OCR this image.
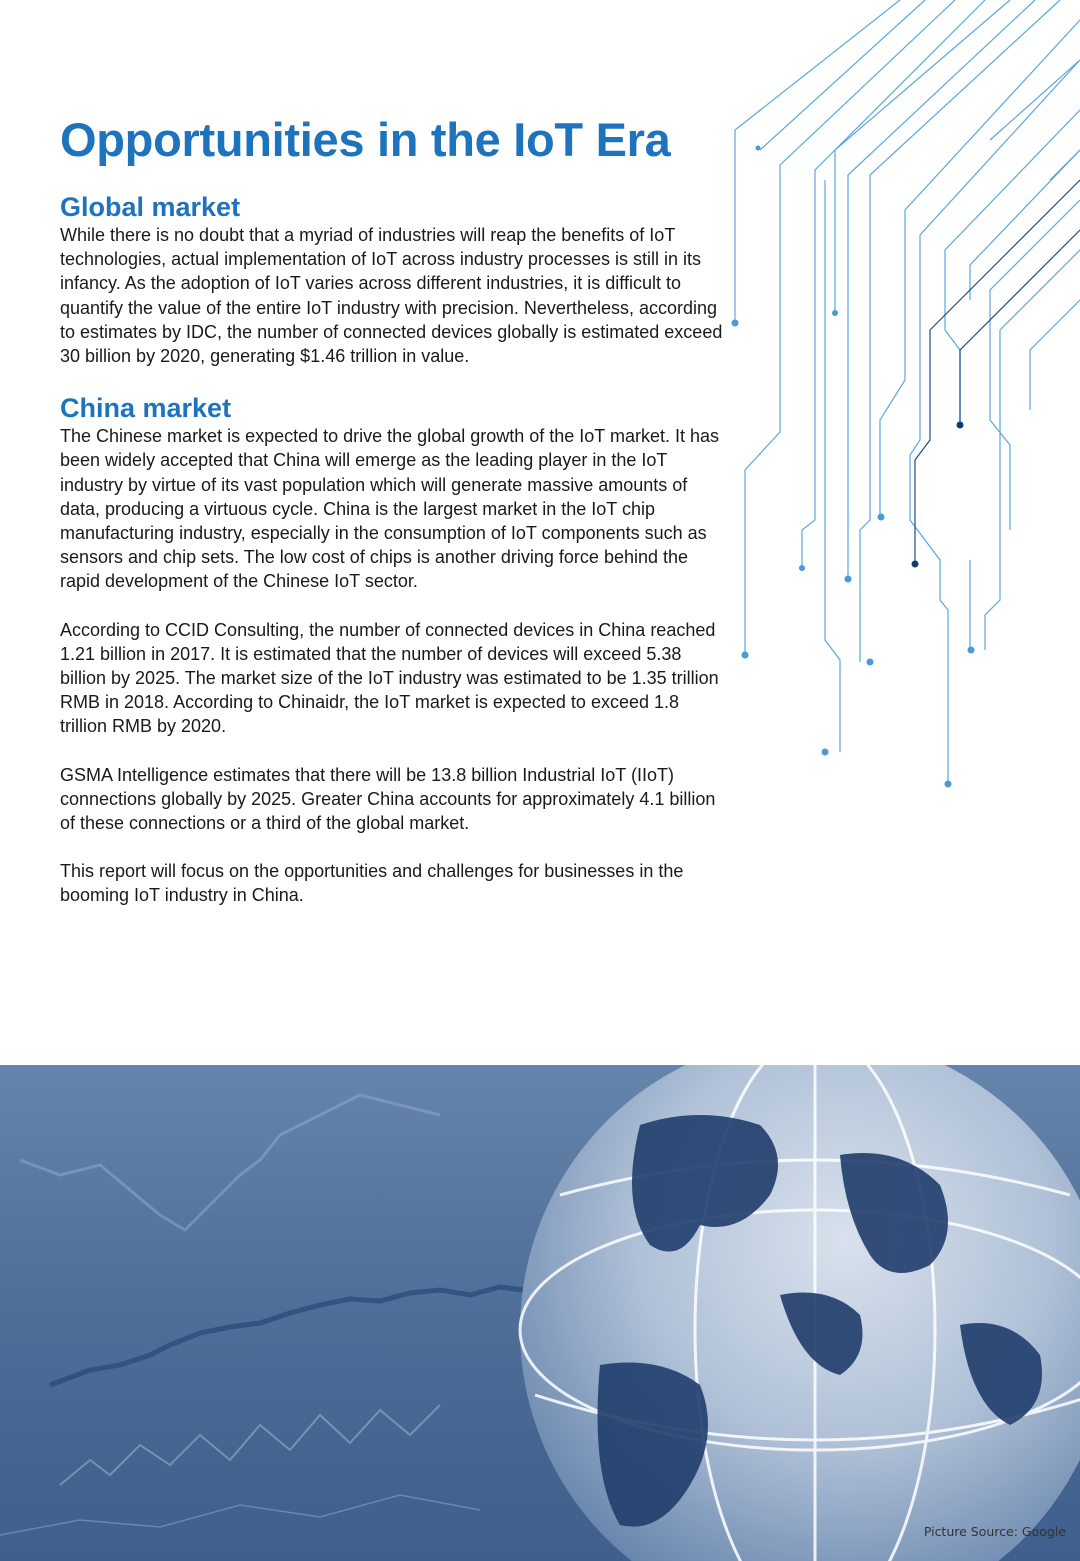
Opportunities in the IoT Era
Global market

While there is no doubt that a myriad of industries will reap the benefits of IoT technologies, actual implementation of IoT across industry processes is still in its infancy. As the adoption of IoT varies across different industries, it is difficult to quantify the value of the entire IoT industry with precision. Nevertheless, according to estimates by IDC, the number of connected devices globally is estimated exceed 30 billion by 2020, generating $1.46 trillion in value.

China market

The Chinese market is expected to drive the global growth of the IoT market. It has been widely accepted that China will emerge as the leading player in the IoT industry by virtue of its vast population which will generate massive amounts of data, producing a virtuous cycle. China is the largest market in the IoT chip manufacturing industry, especially in the consumption of IoT components such as sensors and chip sets. The low cost of chips is another driving force behind the rapid development of the Chinese IoT sector.

According to CCID Consulting, the number of connected devices in China reached 1.21 billion in 2017. It is estimated that the number of devices will exceed 5.38 billion by 2025. The market size of the IoT industry was estimated to be 1.35 trillion RMB in 2018. According to Chinaidr, the IoT market is expected to exceed 1.8 trillion RMB by 2020.

GSMA Intelligence estimates that there will be 13.8 billion Industrial IoT (IIoT) connections globally by 2025. Greater China accounts for approximately 4.1 billion of these connections or a third of the global market.

This report will focus on the opportunities and challenges for businesses in the booming IoT industry in China.

Picture Source: Google
